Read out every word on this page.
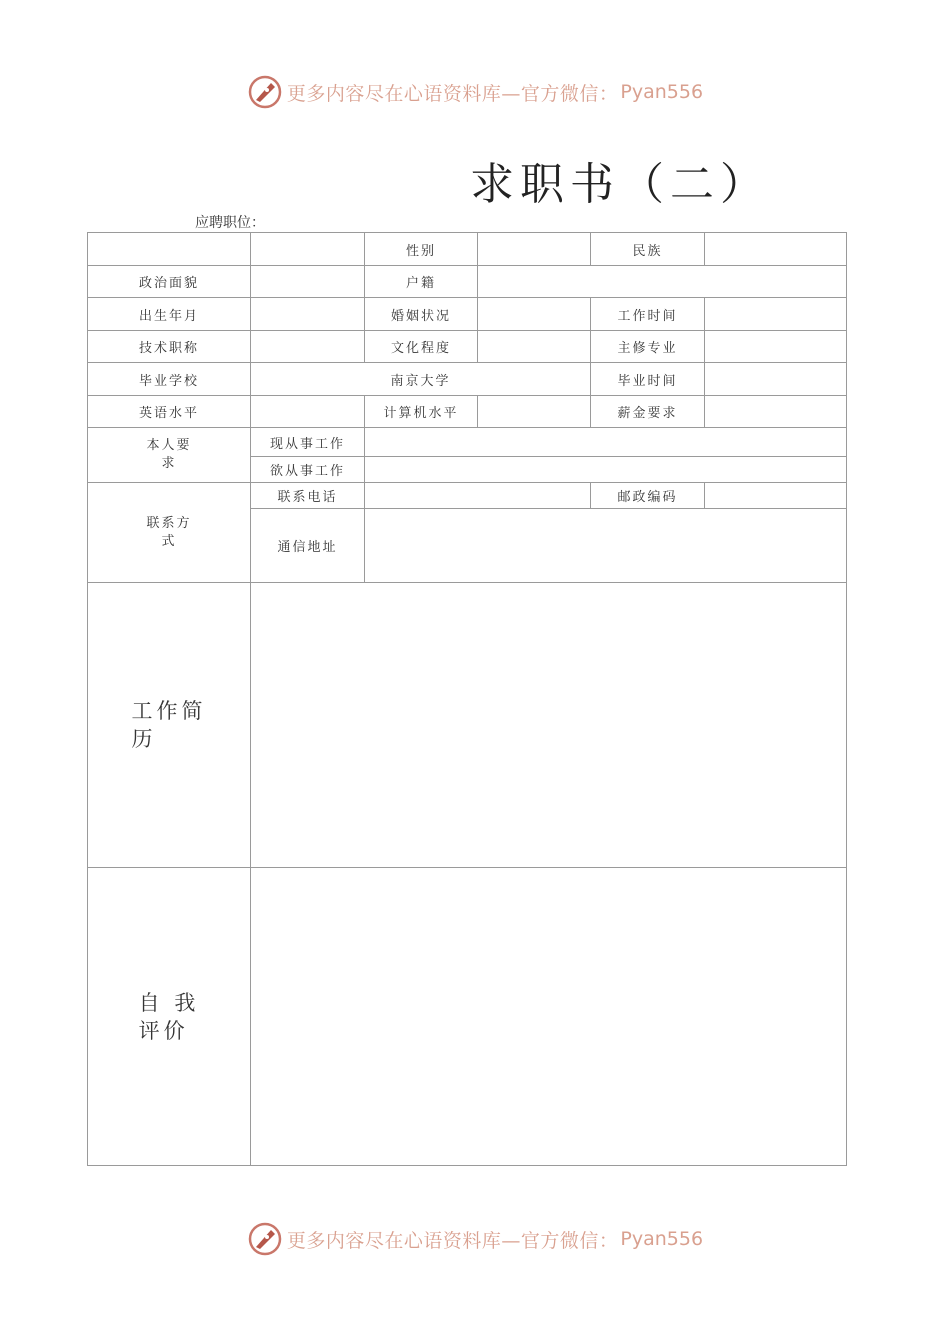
更多内容尽在心语资料库—官方微信： Pyan556
求职书（二）
应聘职位：
		性别		民族	
政治面貌		户籍			
出生年月		婚姻状况		工作时间	
技术职称		文化程度		主修专业	
毕业学校	南京大学			毕业时间	
英语水平		计算机水平		薪金要求	
本人要
求	现从事工作				
	欲从事工作				
联系方
式	联系电话			邮政编码	
	通信地址				
工作简
历					
自 我
评价					
更多内容尽在心语资料库—官方微信： Pyan556
